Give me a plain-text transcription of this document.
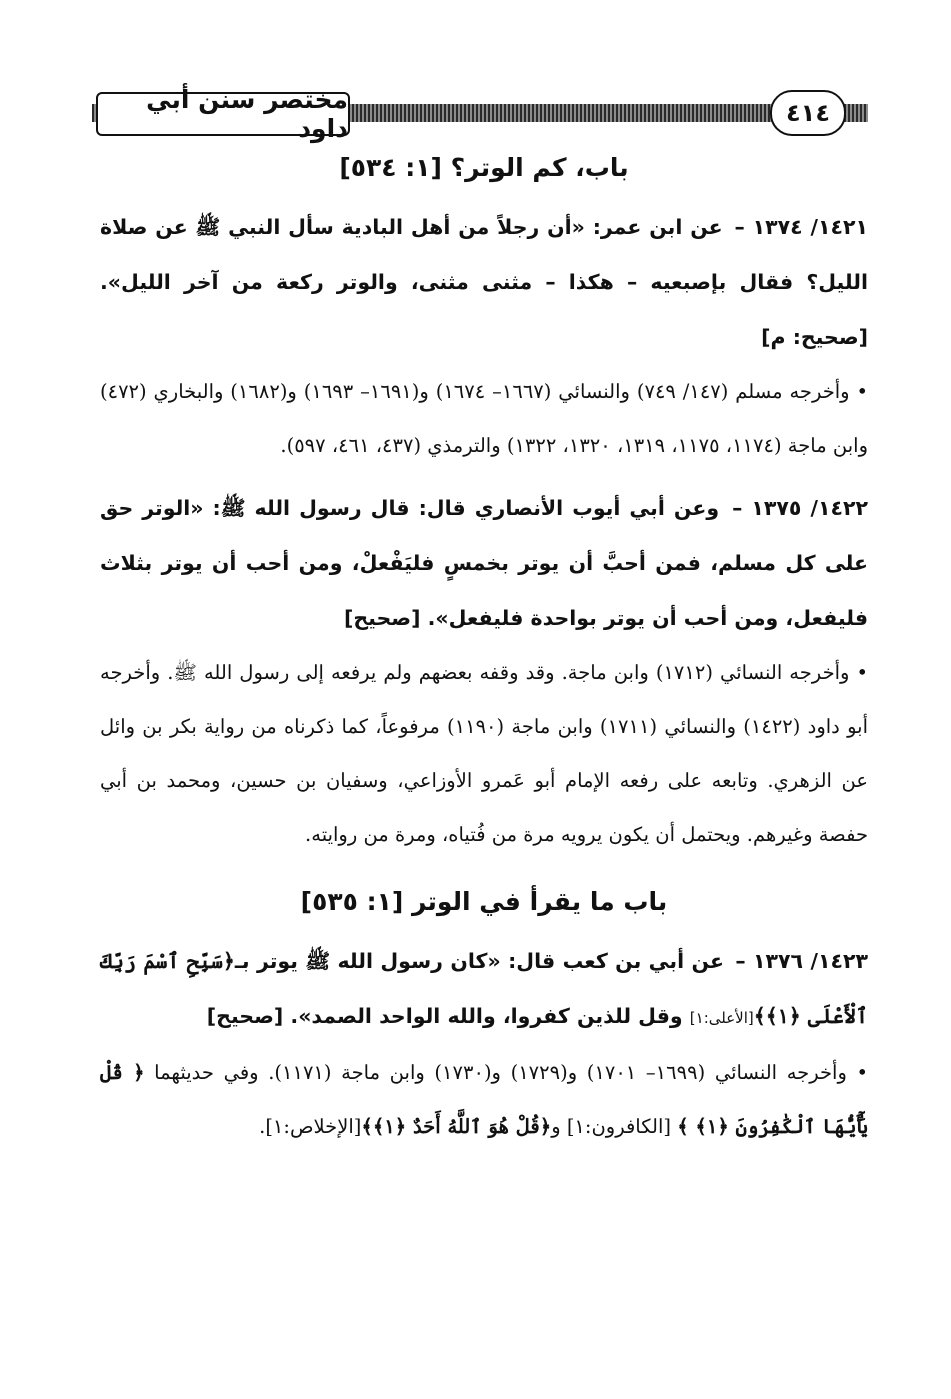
مختصر سنن أبي داود
٤١٤
باب، كم الوتر؟ [١: ٥٣٤]

١٤٢١/ ١٣٧٤ – عن ابن عمر: «أن رجلاً من أهل البادية سأل النبي ﷺ عن صلاة الليل؟ فقال بإصبعيه – هكذا – مثنى مثنى، والوتر ركعة من آخر الليل». [صحيح: م]

• وأخرجه مسلم (١٤٧/ ٧٤٩) والنسائي (١٦٦٧– ١٦٧٤) و(١٦٩١– ١٦٩٣) و(١٦٨٢) والبخاري (٤٧٢) وابن ماجة (١١٧٤، ١١٧٥، ١٣١٩، ١٣٢٠، ١٣٢٢) والترمذي (٤٣٧، ٤٦١، ٥٩٧).

١٤٢٢/ ١٣٧٥ – وعن أبي أيوب الأنصاري قال: قال رسول الله ﷺ: «الوتر حق على كل مسلم، فمن أحبَّ أن يوتر بخمسٍ فليَفْعلْ، ومن أحب أن يوتر بثلاث فليفعل، ومن أحب أن يوتر بواحدة فليفعل». [صحيح]

• وأخرجه النسائي (١٧١٢) وابن ماجة. وقد وقفه بعضهم ولم يرفعه إلى رسول الله ﷺ. وأخرجه أبو داود (١٤٢٢) والنسائي (١٧١١) وابن ماجة (١١٩٠) مرفوعاً، كما ذكرناه من رواية بكر بن وائل عن الزهري. وتابعه على رفعه الإمام أبو عَمرو الأوزاعي، وسفيان بن حسين، ومحمد بن أبي حفصة وغيرهم. ويحتمل أن يكون يرويه مرة من فُتياه، ومرة من روايته.

باب ما يقرأ في الوتر [١: ٥٣٥]

١٤٢٣/ ١٣٧٦ – عن أبي بن كعب قال: «كان رسول الله ﷺ يوتر بـ﴿سَبِّحِ ٱسْمَ رَبِّكَ ٱلْأَعْلَى ﴿١﴾﴾[الأعلى:١] وقل للذين كفروا، والله الواحد الصمد». [صحيح]

• وأخرجه النسائي (١٦٩٩– ١٧٠١) و(١٧٢٩) و(١٧٣٠) وابن ماجة (١١٧١). وفي حديثهما ﴿ قُلْ يَٰٓأَيُّهَا ٱلْكَٰفِرُونَ ﴿١﴾ ﴾ [الكافرون:١] و﴿قُلْ هُوَ ٱللَّهُ أَحَدٌ ﴿١﴾﴾[الإخلاص:١].
